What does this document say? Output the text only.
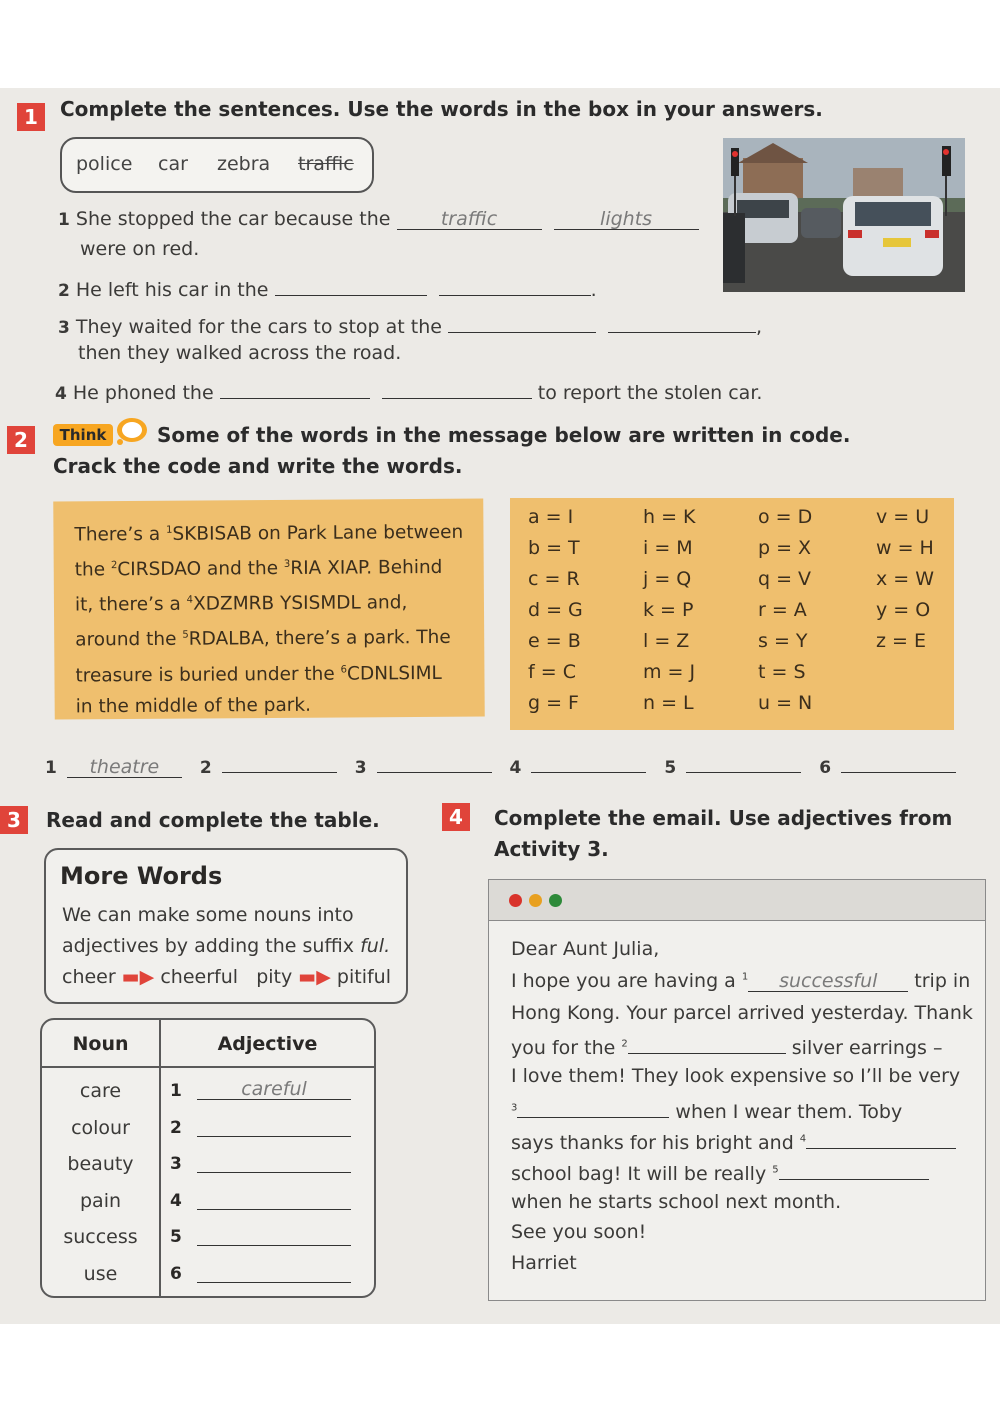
1	Complete the sentences. Use the words in the box in your answers.
police car zebra traffic
1 She stopped the car because the	traffic	lights
were on red.
2 He left his car in the	.
3 They waited for the cars to stop at the	,
then they walked across the road.
4 He phoned the	to report the stolen car.
2	Think	Some of the words in the message below are written in code.
Crack the code and write the words.
There’s a $^1$SKBISAB on Park Lane between
the $^2$CIRSDAO and the $^3$RIA XIAP. Behind
it, there’s a $^4$XDZMRB YSISMDL and,
around the $^5$RDALBA, there’s a park. The
treasure is buried under the $^6$CDNLSIML
in the middle of the park.
a = I	h = K	o = D	v = U
b = T	i = M	p = X	w = H
c = R	j = Q	q = V	x = W
d = G	k = P	r = A	y = O
e = B	l = Z	s = Y	z = E
f = C	m = J	t = S
g = F	n = L	u = N
1 theatre 2	3	4	5	6
3	Read and complete the table.
More Words
We can make some nouns into
adjectives by adding the suffix ful.
cheer ▬▶ cheerful pity ▬▶ pitiful
Noun	Adjective
care	1	careful
colour	2
beauty	3
pain	4
success	5
use	6
4	Complete the email. Use adjectives from
Activity 3.
Dear Aunt Julia,
I hope you are having a $^1$ successful trip in
Hong Kong. Your parcel arrived yesterday. Thank
you for the $^2$	silver earrings –
I love them! They look expensive so I’ll be very
$^3$	when I wear them. Toby
says thanks for his bright and $^4$
school bag! It will be really $^5$
when he starts school next month.
See you soon!
Harriet
